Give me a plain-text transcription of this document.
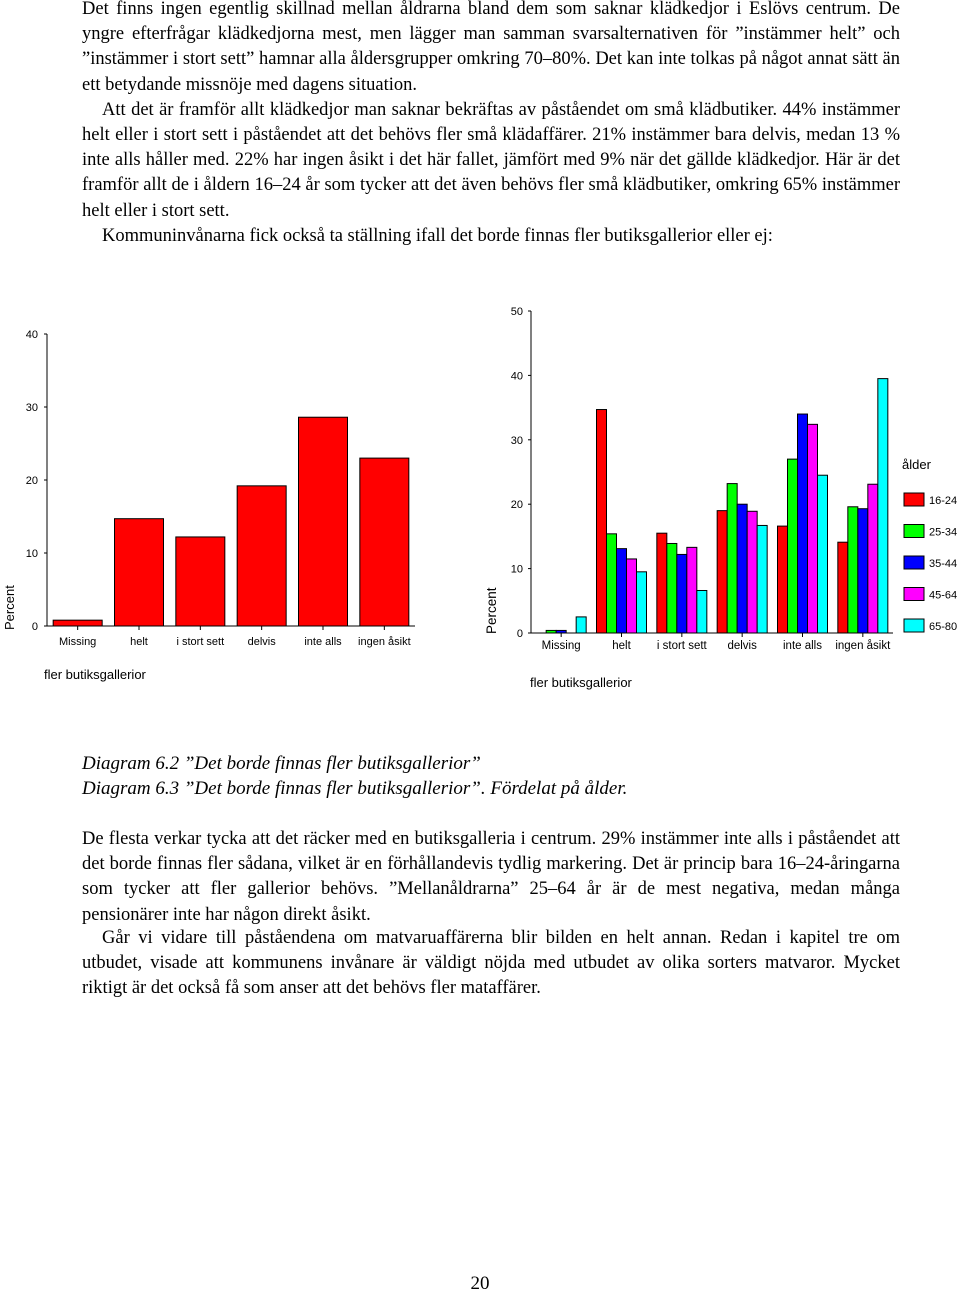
Det finns ingen egentlig skillnad mellan åldrarna bland dem som saknar klädkedjor i Eslövs centrum. De yngre efterfrågar klädkedjorna mest, men lägger man samman svarsalternativen för ”instämmer helt” och ”instämmer i stort sett” hamnar alla åldersgrupper omkring 70–80%. Det kan inte tolkas på något annat sätt än ett betydande missnöje med dagens situation.

Att det är framför allt klädkedjor man saknar bekräftas av påståendet om små klädbutiker. 44% instämmer helt eller i stort sett i påståendet att det behövs fler små klädaffärer. 21% instämmer bara delvis, medan 13 % inte alls håller med. 22% har ingen åsikt i det här fallet, jämfört med 9% när det gällde klädkedjor. Här är det framför allt de i åldern 16–24 år som tycker att det även behövs fler små klädbutiker, omkring 65% instämmer helt eller i stort sett.

Kommuninvånarna fick också ta ställning ifall det borde finnas fler butiksgallerior eller ej:

0
10
20
30
40
Missing	helt	i stort sett delvis	inte alls ingen åsikt
Percent
fler butiksgallerior
0
10
20
30
40
50
Missing	helt i stort sett delvis inte alls ingen åsikt
Percent
fler butiksgallerior
ålder
16-24
25-34
35-44
45-64
65-80
Diagram 6.2 ”Det borde finnas fler butiksgallerior”
Diagram 6.3 ”Det borde finnas fler butiksgallerior”. Fördelat på ålder.
De flesta verkar tycka att det räcker med en butiksgalleria i centrum. 29% instämmer inte alls i påståendet att det borde finnas fler sådana, vilket är en förhållandevis tydlig markering. Det är princip bara 16–24-åringarna som tycker att fler gallerior behövs. ”Mellanåldrarna” 25–64 år är de mest negativa, medan många pensionärer inte har någon direkt åsikt.
Går vi vidare till påståendena om matvaruaffärerna blir bilden en helt annan. Redan i kapitel tre om utbudet, visade att kommunens invånare är väldigt nöjda med utbudet av olika sorters matvaror. Mycket riktigt är det också få som anser att det behövs fler mataffärer.
20
